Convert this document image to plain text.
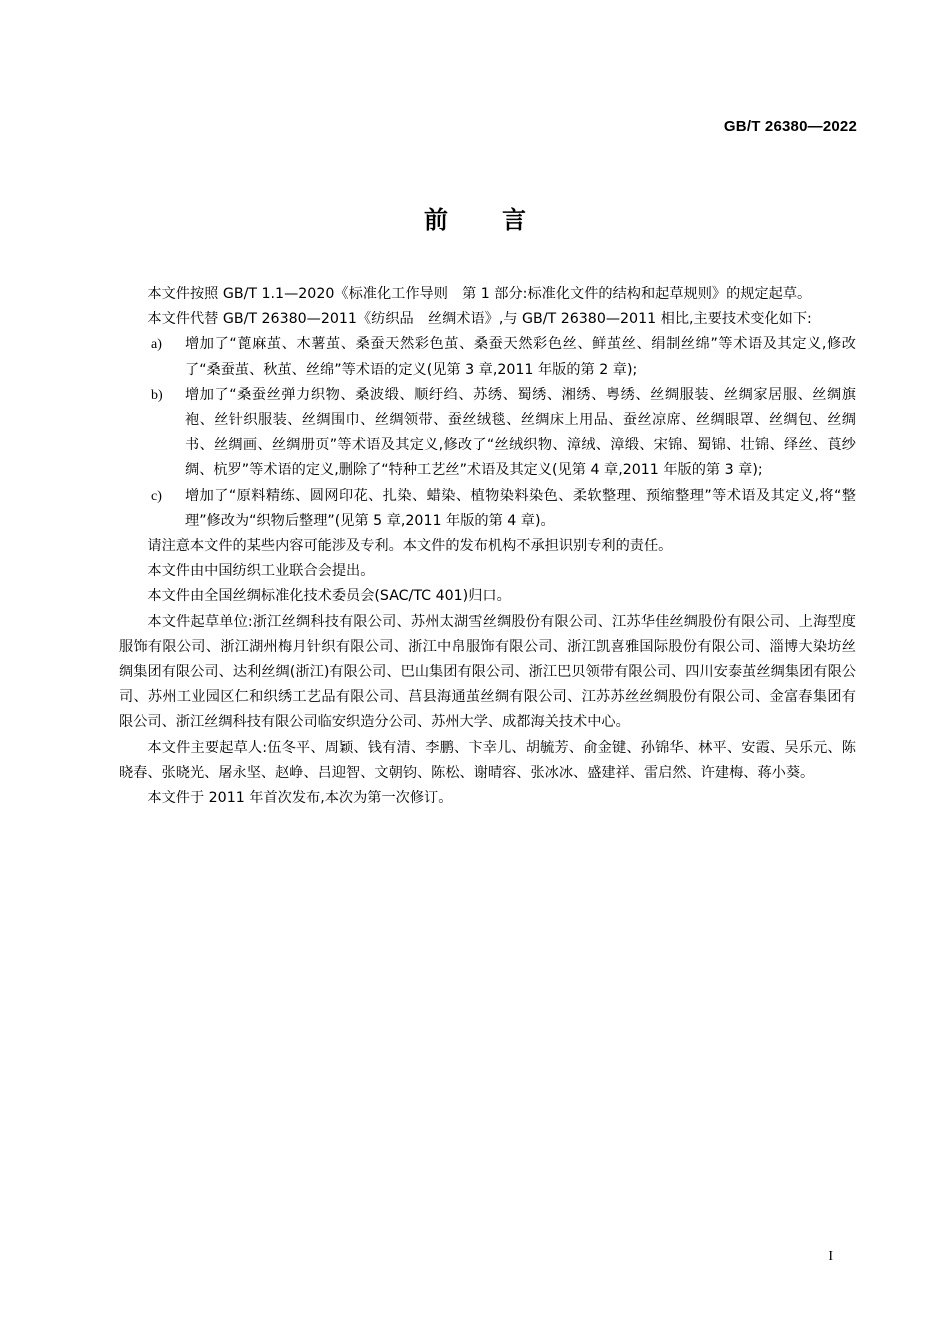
GB/T 26380—2022
前言

本文件按照 GB/T 1.1—2020《标准化工作导则　第 1 部分:标准化文件的结构和起草规则》的规定起草。

本文件代替 GB/T 26380—2011《纺织品　丝绸术语》,与 GB/T 26380—2011 相比,主要技术变化如下:

a) 增加了“蓖麻茧、木薯茧、桑蚕天然彩色茧、桑蚕天然彩色丝、鲜茧丝、绢制丝绵”等术语及其定义,修改了“桑蚕茧、秋茧、丝绵”等术语的定义(见第 3 章,2011 年版的第 2 章);
b) 增加了“桑蚕丝弹力织物、桑波缎、顺纡绉、苏绣、蜀绣、湘绣、粤绣、丝绸服装、丝绸家居服、丝绸旗袍、丝针织服装、丝绸围巾、丝绸领带、蚕丝绒毯、丝绸床上用品、蚕丝凉席、丝绸眼罩、丝绸包、丝绸书、丝绸画、丝绸册页”等术语及其定义,修改了“丝绒织物、漳绒、漳缎、宋锦、蜀锦、壮锦、绎丝、莨纱绸、杭罗”等术语的定义,删除了“特种工艺丝”术语及其定义(见第 4 章,2011 年版的第 3 章);
c) 增加了“原料精练、圆网印花、扎染、蜡染、植物染料染色、柔软整理、预缩整理”等术语及其定义,将“整理”修改为“织物后整理”(见第 5 章,2011 年版的第 4 章)。

请注意本文件的某些内容可能涉及专利。本文件的发布机构不承担识别专利的责任。

本文件由中国纺织工业联合会提出。

本文件由全国丝绸标准化技术委员会(SAC/TC 401)归口。

本文件起草单位:浙江丝绸科技有限公司、苏州太湖雪丝绸股份有限公司、江苏华佳丝绸股份有限公司、上海型度服饰有限公司、浙江湖州梅月针织有限公司、浙江中帛服饰有限公司、浙江凯喜雅国际股份有限公司、淄博大染坊丝绸集团有限公司、达利丝绸(浙江)有限公司、巴山集团有限公司、浙江巴贝领带有限公司、四川安泰茧丝绸集团有限公司、苏州工业园区仁和织绣工艺品有限公司、莒县海通茧丝绸有限公司、江苏苏丝丝绸股份有限公司、金富春集团有限公司、浙江丝绸科技有限公司临安织造分公司、苏州大学、成都海关技术中心。

本文件主要起草人:伍冬平、周颖、钱有清、李鹏、卞幸儿、胡毓芳、俞金键、孙锦华、林平、安霞、吴乐元、陈晓春、张晓光、屠永坚、赵峥、吕迎智、文朝钧、陈松、谢晴容、张冰冰、盛建祥、雷启然、许建梅、蒋小葵。

本文件于 2011 年首次发布,本次为第一次修订。

I
